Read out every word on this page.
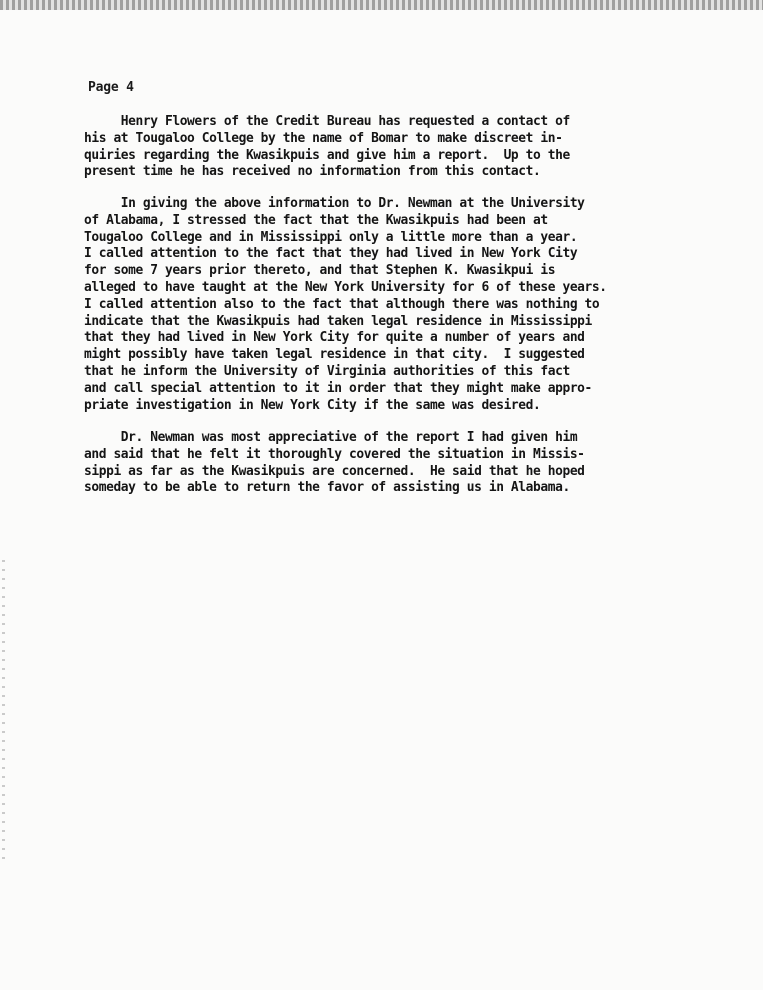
Page 4

Henry Flowers of the Credit Bureau has requested a contact of
his at Tougaloo College by the name of Bomar to make discreet in-
quiries regarding the Kwasikpuis and give him a report.  Up to the
present time he has received no information from this contact.

In giving the above information to Dr. Newman at the University
of Alabama, I stressed the fact that the Kwasikpuis had been at
Tougaloo College and in Mississippi only a little more than a year.
I called attention to the fact that they had lived in New York City
for some 7 years prior thereto, and that Stephen K. Kwasikpui is
alleged to have taught at the New York University for 6 of these years.
I called attention also to the fact that although there was nothing to
indicate that the Kwasikpuis had taken legal residence in Mississippi
that they had lived in New York City for quite a number of years and
might possibly have taken legal residence in that city.  I suggested
that he inform the University of Virginia authorities of this fact
and call special attention to it in order that they might make appro-
priate investigation in New York City if the same was desired.

Dr. Newman was most appreciative of the report I had given him
and said that he felt it thoroughly covered the situation in Missis-
sippi as far as the Kwasikpuis are concerned.  He said that he hoped
someday to be able to return the favor of assisting us in Alabama.
